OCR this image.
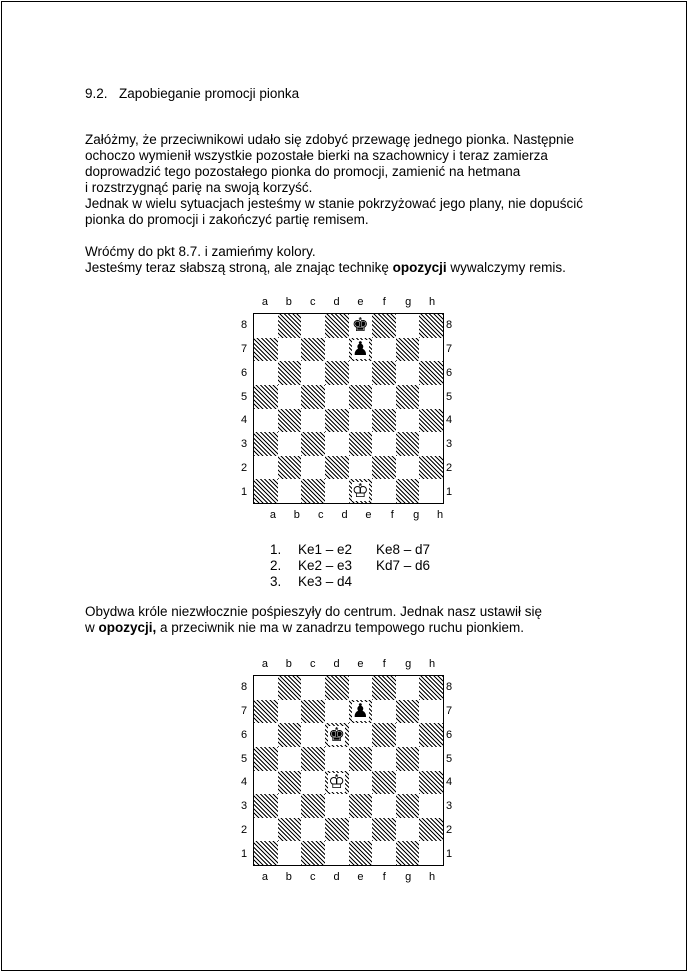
9.2. Zapobieganie promocji pionka
Załóżmy, że przeciwnikowi udało się zdobyć przewagę jednego pionka. Następnie
ochoczo wymienił wszystkie pozostałe bierki na szachownicy i teraz zamierza
doprowadzić tego pozostałego pionka do promocji, zamienić na hetmana
i rozstrzygnąć parię na swoją korzyść.
Jednak w wielu sytuacjach jesteśmy w stanie pokrzyżować jego plany, nie dopuścić
pionka do promocji i zakończyć partię remisem.
Wróćmy do pkt 8.7. i zamieńmy kolory.
Jesteśmy teraz słabszą stroną, ale znając technikę opozycji wywalczymy remis.
a	b	c	d	e	f	g	h
8
7
6
5
4
3
2
1
8
7
6
5
4
3
2
1
♚
♟
♔
a	b	c	d	e	f	g	h
1.	Ke1 – e2	Ke8 – d7
2.	Ke2 – e3	Kd7 – d6
3.	Ke3 – d4
Obydwa króle niezwłocznie pośpieszyły do centrum. Jednak nasz ustawił się
w opozycji, a przeciwnik nie ma w zanadrzu tempowego ruchu pionkiem.
a	b	c	d	e	f	g	h
8
7
6
5
4
3
2
1
8
7
6
5
4
3
2
1
♟
♚
♔
a	b	c	d	e	f	g	h
